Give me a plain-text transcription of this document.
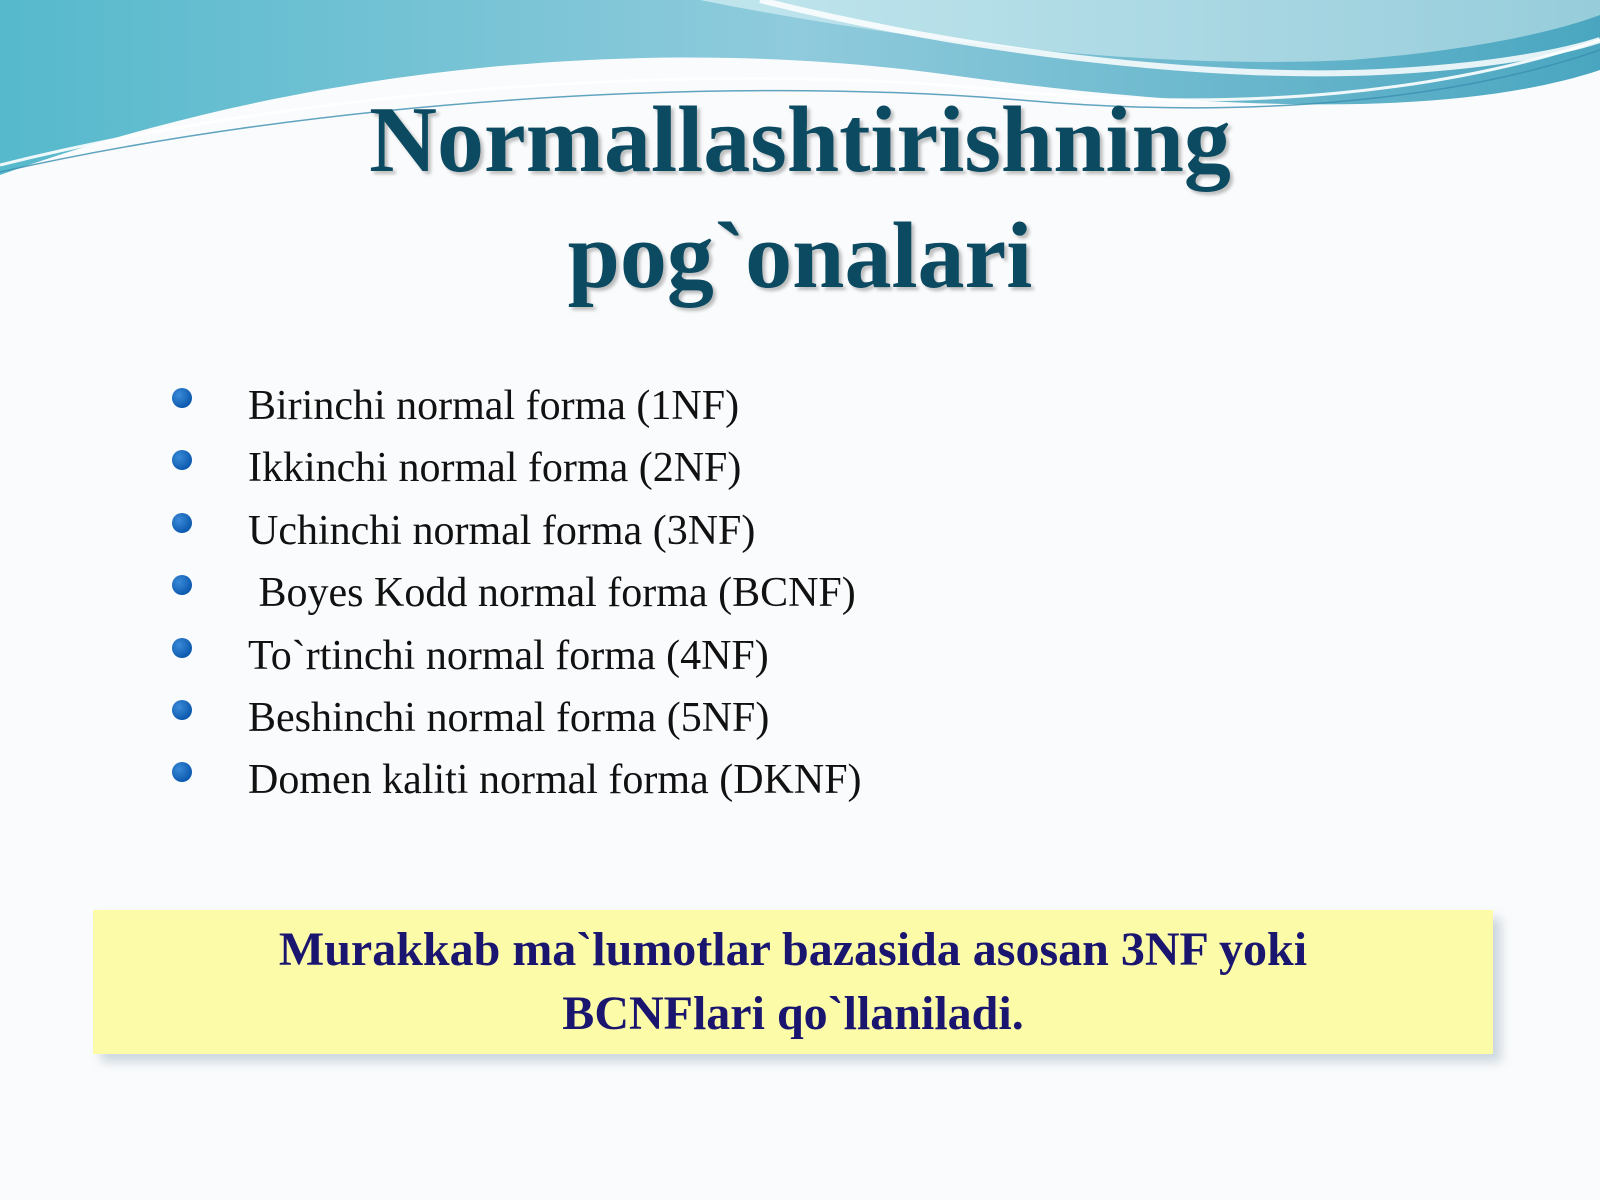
Normallashtirishning
pog`onalari
Birinchi normal forma (1NF)
Ikkinchi normal forma (2NF)
Uchinchi normal forma (3NF)
Boyes Kodd normal forma (BCNF)
To`rtinchi normal forma (4NF)
Beshinchi normal forma (5NF)
Domen kaliti normal forma (DKNF)
Murakkab ma`lumotlar bazasida asosan 3NF yoki
BCNFlari qo`llaniladi.
